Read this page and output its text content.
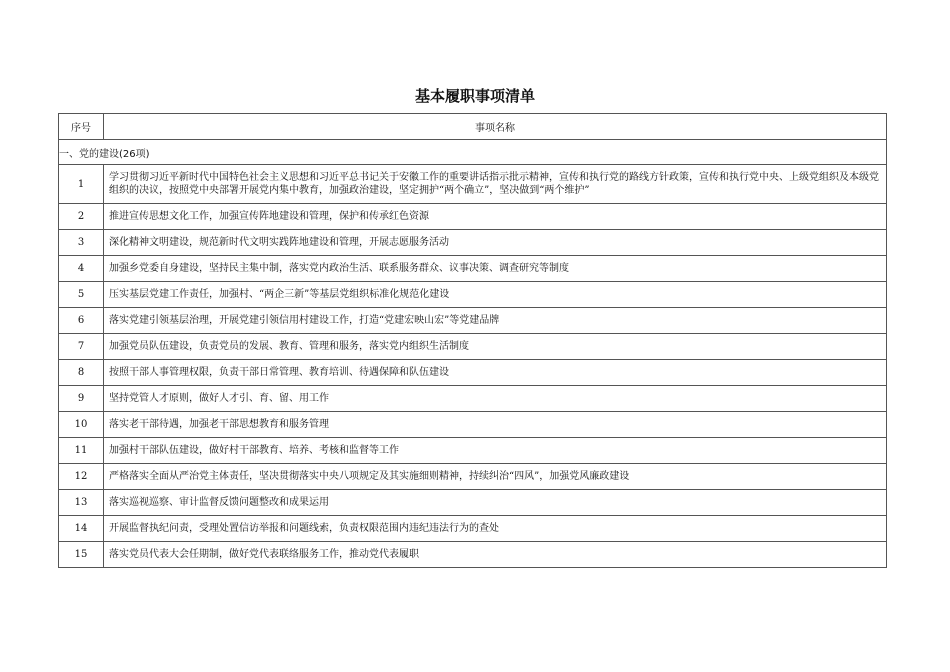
基本履职事项清单
序号	事项名称
一、党的建设(26项)	
1	学习贯彻习近平新时代中国特色社会主义思想和习近平总书记关于安徽工作的重要讲话指示批示精神，宣传和执行党的路线方针政策，宣传和执行党中央、上级党组织及本级党组织的决议，按照党中央部署开展党内集中教育，加强政治建设，坚定拥护“两个确立”，坚决做到“两个维护”
2	推进宣传思想文化工作，加强宣传阵地建设和管理，保护和传承红色资源
3	深化精神文明建设，规范新时代文明实践阵地建设和管理，开展志愿服务活动
4	加强乡党委自身建设，坚持民主集中制，落实党内政治生活、联系服务群众、议事决策、调查研究等制度
5	压实基层党建工作责任，加强村、“两企三新”等基层党组织标准化规范化建设
6	落实党建引领基层治理，开展党建引领信用村建设工作，打造“党建宏映山宏”等党建品牌
7	加强党员队伍建设，负责党员的发展、教育、管理和服务，落实党内组织生活制度
8	按照干部人事管理权限，负责干部日常管理、教育培训、待遇保障和队伍建设
9	坚持党管人才原则，做好人才引、育、留、用工作
10	落实老干部待遇，加强老干部思想教育和服务管理
11	加强村干部队伍建设，做好村干部教育、培养、考核和监督等工作
12	严格落实全面从严治党主体责任，坚决贯彻落实中央八项规定及其实施细则精神，持续纠治“四风”，加强党风廉政建设
13	落实巡视巡察、审计监督反馈问题整改和成果运用
14	开展监督执纪问责，受理处置信访举报和问题线索，负责权限范围内违纪违法行为的查处
15	落实党员代表大会任期制，做好党代表联络服务工作，推动党代表履职
